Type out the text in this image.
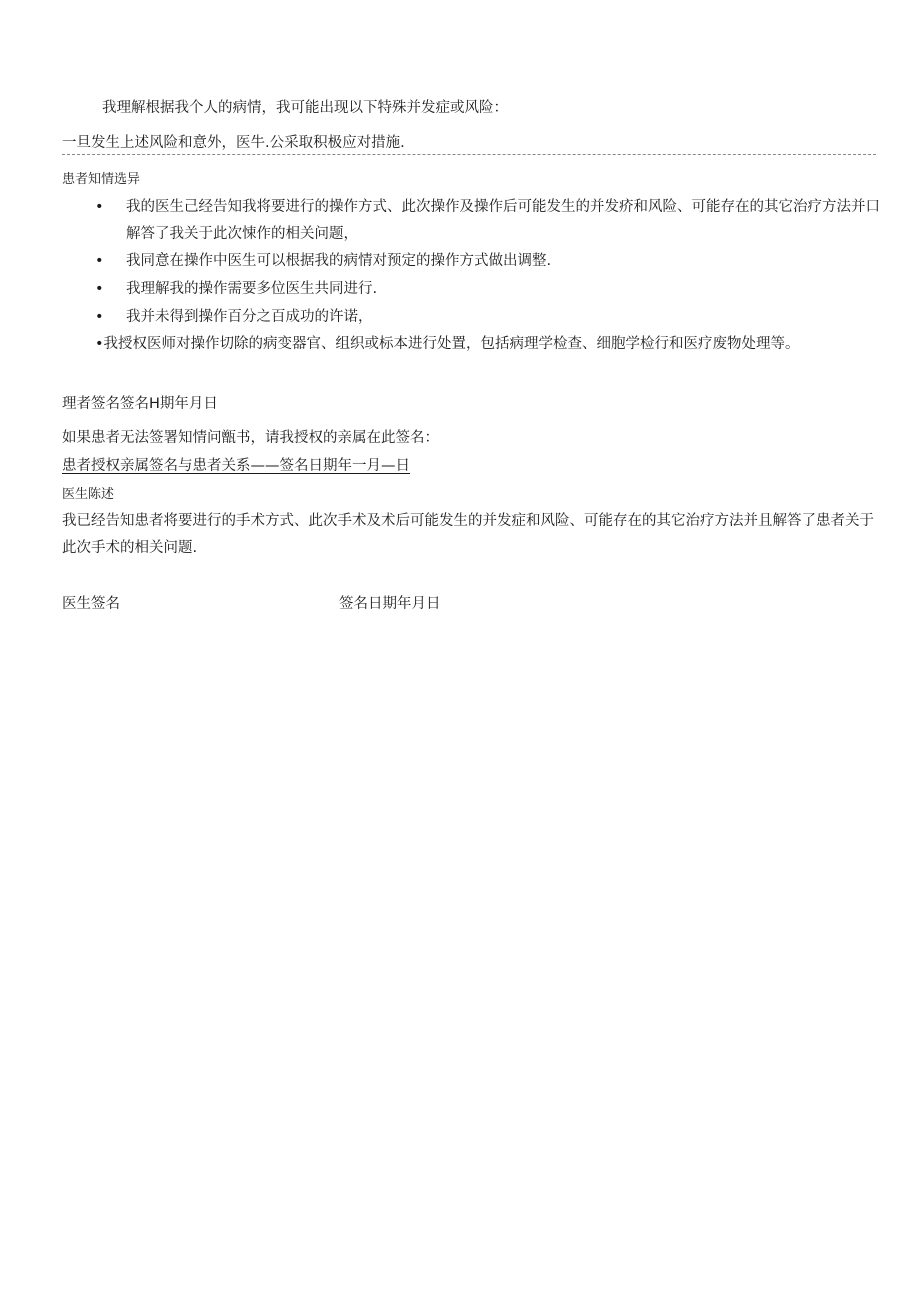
我理解根据我个人的病情，我可能出现以下特殊并发症或风险：
一旦发生上述风险和意外，医牛.公采取积极应对措施.
患者知情选异
• 我的医生己经告知我将要进行的操作方式、此次操作及操作后可能发生的并发疥和风险、可能存在的其它治疗方法并口解答了我关于此次悚作的相关问题，
• 我同意在操作中医生可以根据我的病情对预定的操作方式做出调整.
• 我理解我的操作需要多位医生共同进行.
• 我并未得到操作百分之百成功的许诺，
•我授权医师对操作切除的病变器官、组织或标本进行处置，包括病理学检查、细胞学检行和医疗废物处理等。
理者签名签名H期年月日
如果患者无法签署知情问甑书，请我授权的亲属在此签名：
患者授权亲属签名与患者关系——签名日期年一月—日
医生陈述
我已经告知患者将要进行的手术方式、此次手术及术后可能发生的并发症和风险、可能存在的其它治疗方法并且解答了患者关于此次手术的相关问题.
医生签名	签名日期年月日
